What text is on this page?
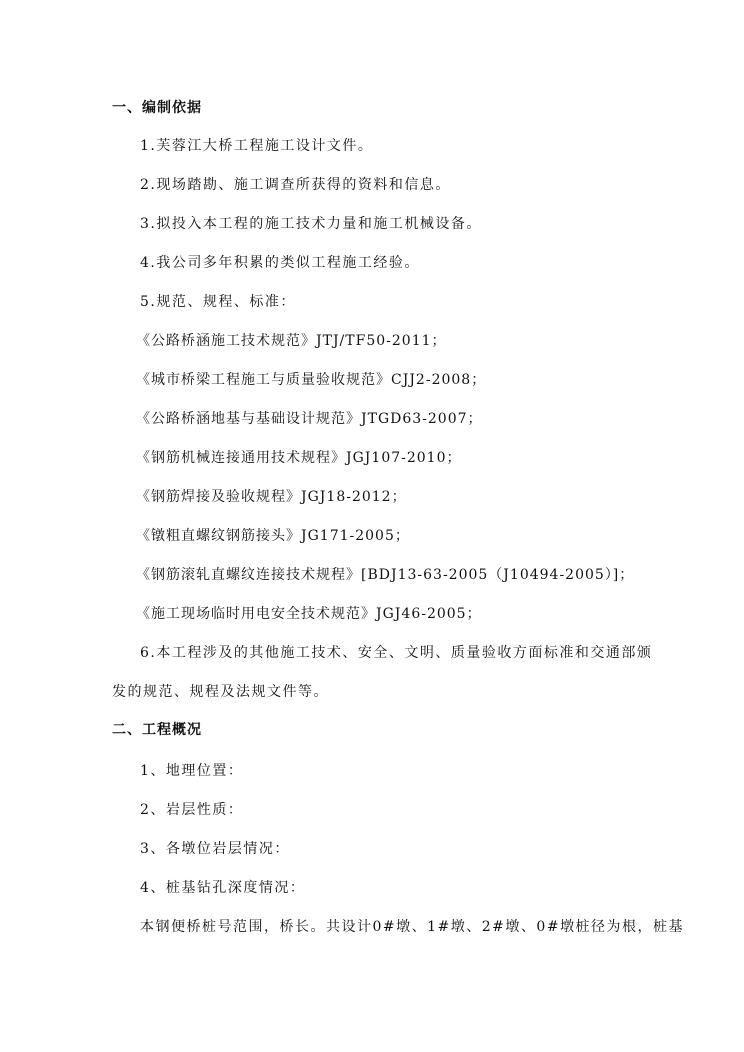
一、编制依据
1.芙蓉江大桥工程施工设计文件。
2.现场踏勘、施工调查所获得的资料和信息。
3.拟投入本工程的施工技术力量和施工机械设备。
4.我公司多年积累的类似工程施工经验。
5.规范、规程、标准：
《公路桥涵施工技术规范》JTJ/TF50-2011；
《城市桥梁工程施工与质量验收规范》CJJ2-2008；
《公路桥涵地基与基础设计规范》JTGD63-2007；
《钢筋机械连接通用技术规程》JGJ107-2010；
《钢筋焊接及验收规程》JGJ18-2012；
《镦粗直螺纹钢筋接头》JG171-2005；
《钢筋滚轧直螺纹连接技术规程》[BDJ13-63-2005（J10494-2005）]；
《施工现场临时用电安全技术规范》JGJ46-2005；
6.本工程涉及的其他施工技术、安全、文明、质量验收方面标准和交通部颁
发的规范、规程及法规文件等。
二、工程概况
1、地理位置：
2、岩层性质：
3、各墩位岩层情况：
4、桩基钻孔深度情况：
本钢便桥桩号范围，桥长。共设计0#墩、1#墩、2#墩、0#墩桩径为根，桩基
